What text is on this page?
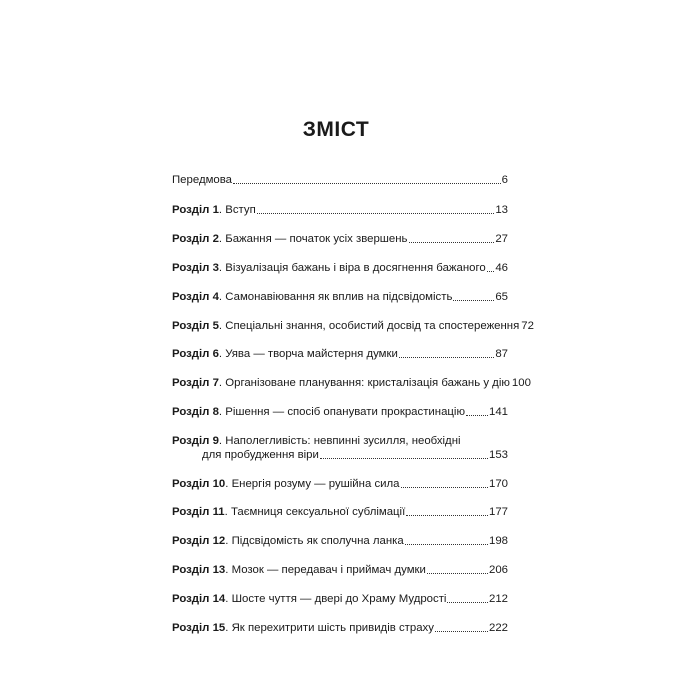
ЗМІСТ
Передмова	6
Розділ 1. Вступ	13
Розділ 2. Бажання — початок усіх звершень	27
Розділ 3. Візуалізація бажань і віра в досягнення бажаного 46
Розділ 4. Самонавіювання як вплив на підсвідомість	65
Розділ 5. Спеціальні знання, особистий досвід та спостереження 72
Розділ 6. Уява — творча майстерня думки	87
Розділ 7. Організоване планування: кристалізація бажань у дію 100
Розділ 8. Рішення — спосіб опанувати прокрастинацію 141
Розділ 9. Наполегливість: невпинні зусилля, необхідні
для пробудження віри	153
Розділ 10. Енергія розуму — рушійна сила	170
Розділ 11. Таємниця сексуальної сублімації	177
Розділ 12. Підсвідомість як сполучна ланка	198
Розділ 13. Мозок — передавач і приймач думки	206
Розділ 14. Шосте чуття — двері до Храму Мудрості	212
Розділ 15. Як перехитрити шість привидів страху	222
